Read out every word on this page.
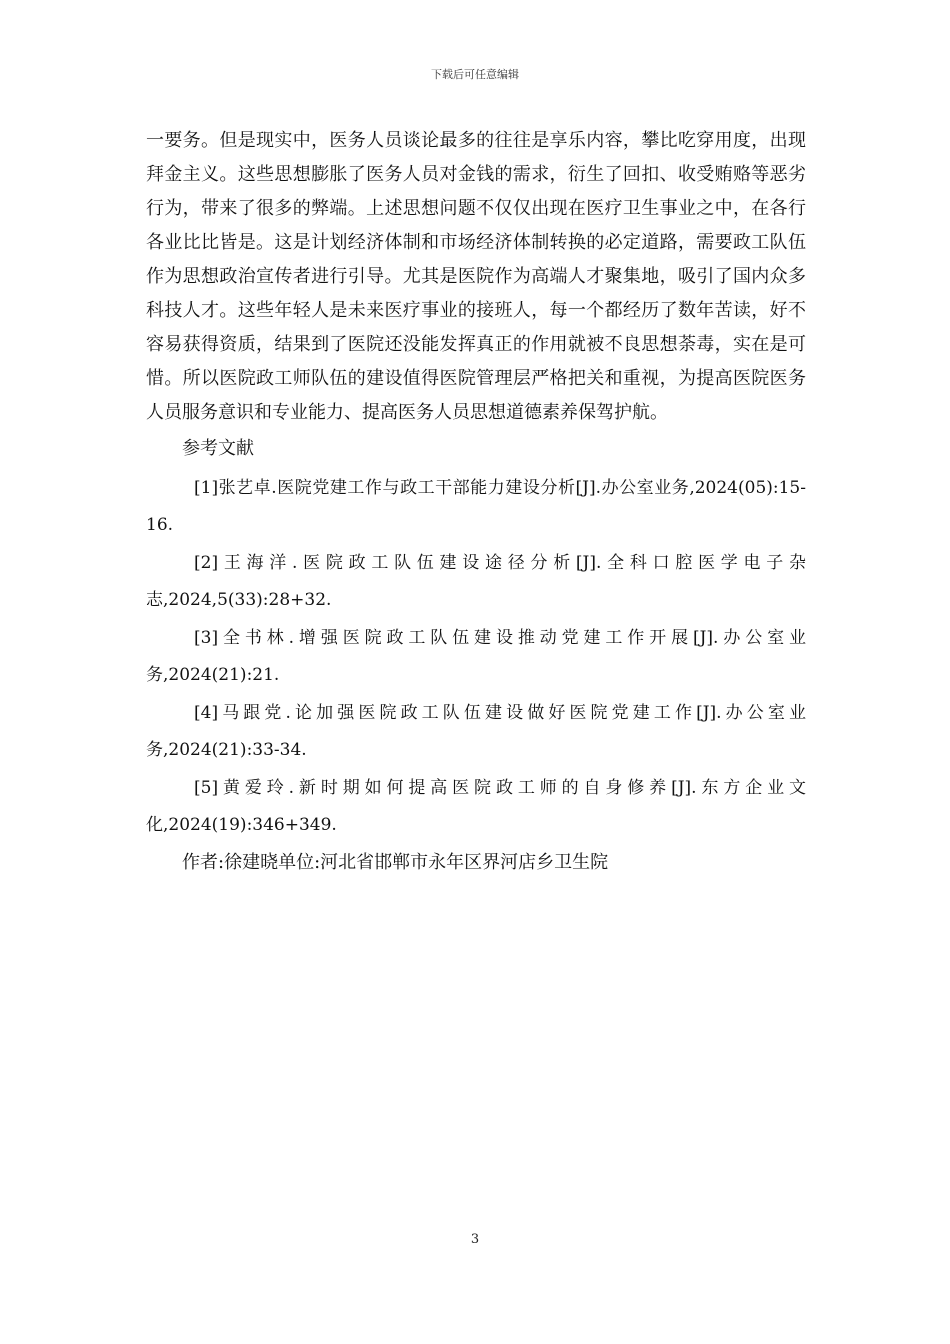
下载后可任意编辑

一要务。但是现实中，医务人员谈论最多的往往是享乐内容，攀比吃穿用度，出现拜金主义。这些思想膨胀了医务人员对金钱的需求，衍生了回扣、收受贿赂等恶劣行为，带来了很多的弊端。上述思想问题不仅仅出现在医疗卫生事业之中，在各行各业比比皆是。这是计划经济体制和市场经济体制转换的必定道路，需要政工队伍作为思想政治宣传者进行引导。尤其是医院作为高端人才聚集地，吸引了国内众多科技人才。这些年轻人是未来医疗事业的接班人，每一个都经历了数年苦读，好不容易获得资质，结果到了医院还没能发挥真正的作用就被不良思想荼毒，实在是可惜。所以医院政工师队伍的建设值得医院管理层严格把关和重视，为提高医院医务人员服务意识和专业能力、提高医务人员思想道德素养保驾护航。

参考文献

[1]张艺卓.医院党建工作与政工干部能力建设分析[J].办公室业务,2024(05):15-16.
[2]王海洋.医院政工队伍建设途径分析[J].全科口腔医学电子杂志,2024,5(33):28+32.
[3]全书林.增强医院政工队伍建设推动党建工作开展[J].办公室业务,2024(21):21.
[4]马跟党.论加强医院政工队伍建设做好医院党建工作[J].办公室业务,2024(21):33-34.
[5]黄爱玲.新时期如何提高医院政工师的自身修养[J].东方企业文化,2024(19):346+349.

作者:徐建晓单位:河北省邯郸市永年区界河店乡卫生院

3
